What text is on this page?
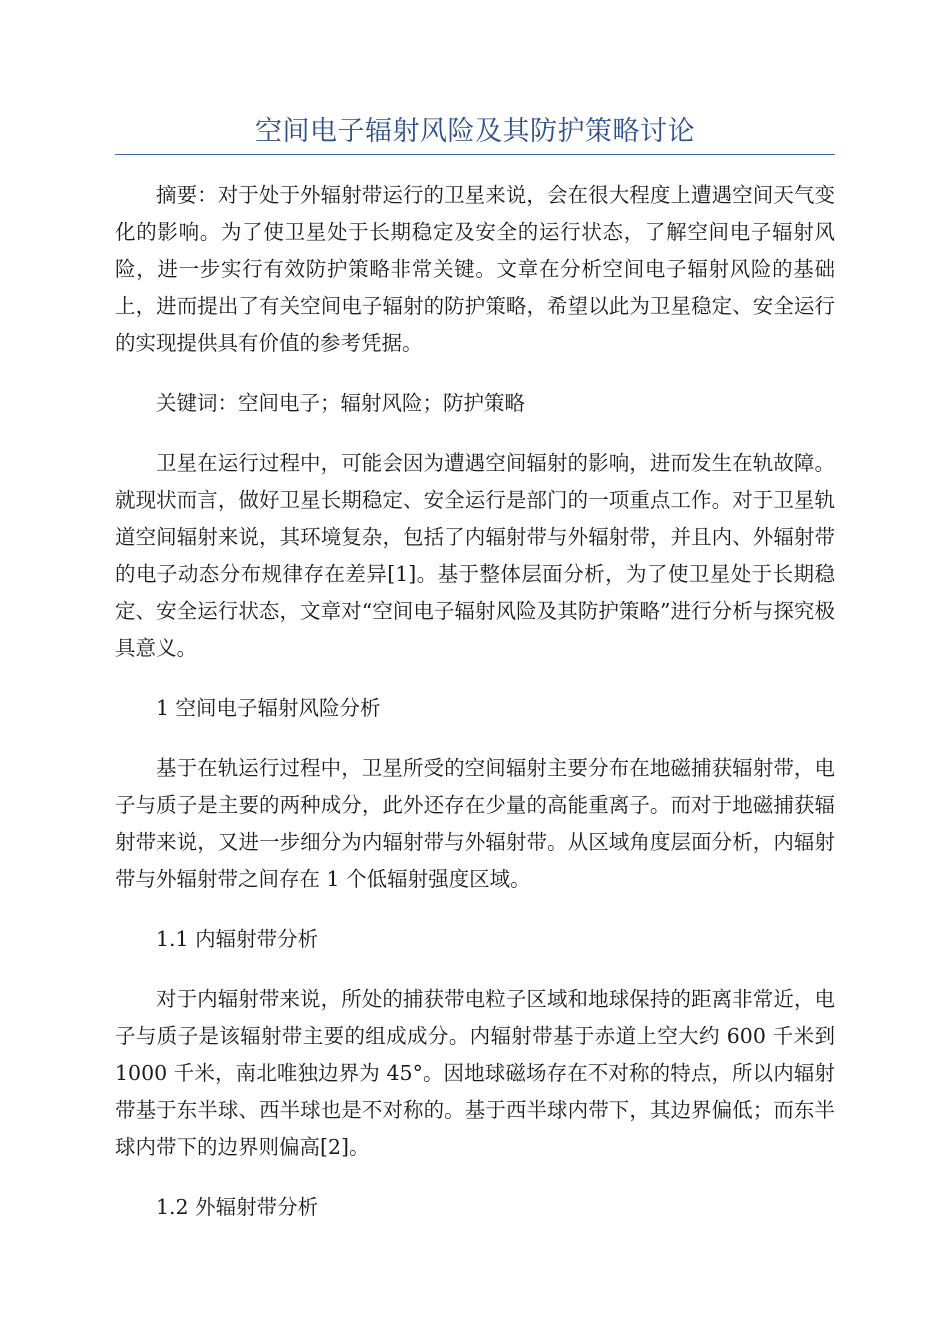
空间电子辐射风险及其防护策略讨论

摘要：对于处于外辐射带运行的卫星来说，会在很大程度上遭遇空间天气变化的影响。为了使卫星处于长期稳定及安全的运行状态，了解空间电子辐射风险，进一步实行有效防护策略非常关键。文章在分析空间电子辐射风险的基础上，进而提出了有关空间电子辐射的防护策略，希望以此为卫星稳定、安全运行的实现提供具有价值的参考凭据。

关键词：空间电子；辐射风险；防护策略

卫星在运行过程中，可能会因为遭遇空间辐射的影响，进而发生在轨故障。就现状而言，做好卫星长期稳定、安全运行是部门的一项重点工作。对于卫星轨道空间辐射来说，其环境复杂，包括了内辐射带与外辐射带，并且内、外辐射带的电子动态分布规律存在差异[1]。基于整体层面分析，为了使卫星处于长期稳定、安全运行状态，文章对“空间电子辐射风险及其防护策略”进行分析与探究极具意义。

1 空间电子辐射风险分析

基于在轨运行过程中，卫星所受的空间辐射主要分布在地磁捕获辐射带，电子与质子是主要的两种成分，此外还存在少量的高能重离子。而对于地磁捕获辐射带来说，又进一步细分为内辐射带与外辐射带。从区域角度层面分析，内辐射带与外辐射带之间存在 1 个低辐射强度区域。

1.1 内辐射带分析

对于内辐射带来说，所处的捕获带电粒子区域和地球保持的距离非常近，电子与质子是该辐射带主要的组成成分。内辐射带基于赤道上空大约 600 千米到 1000 千米，南北唯独边界为 45°。因地球磁场存在不对称的特点，所以内辐射带基于东半球、西半球也是不对称的。基于西半球内带下，其边界偏低；而东半球内带下的边界则偏高[2]。

1.2 外辐射带分析
